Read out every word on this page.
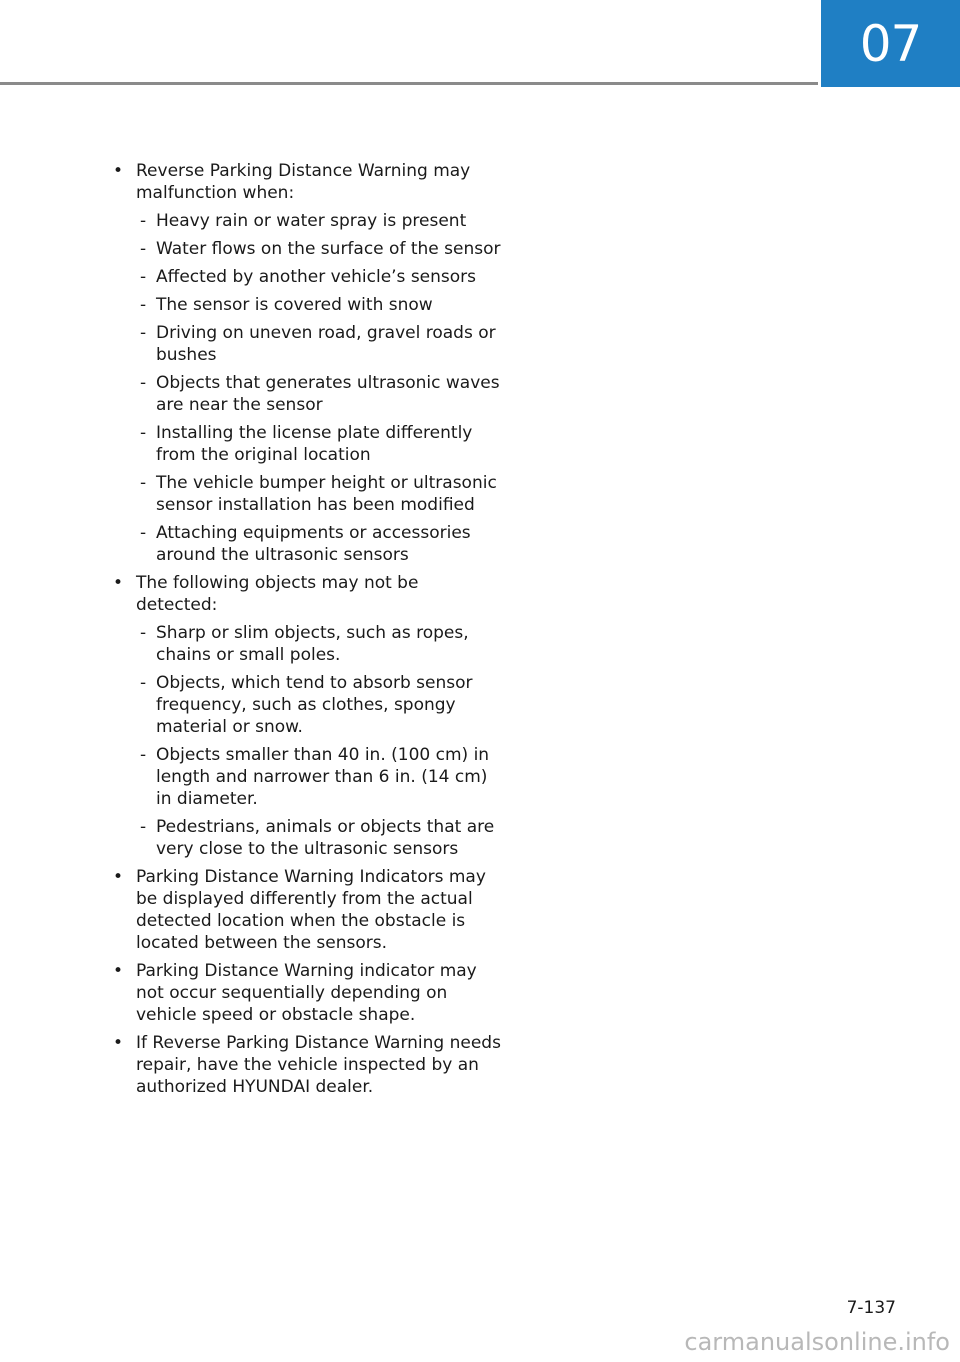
07
• Reverse Parking Distance Warning may malfunction when:
- Heavy rain or water spray is present
- Water flows on the surface of the sensor
- Affected by another vehicle’s sensors
- The sensor is covered with snow
- Driving on uneven road, gravel roads or bushes
- Objects that generates ultrasonic waves are near the sensor
- Installing the license plate differently from the original location
- The vehicle bumper height or ultrasonic sensor installation has been modified
- Attaching equipments or accessories around the ultrasonic sensors
• The following objects may not be detected:
- Sharp or slim objects, such as ropes, chains or small poles.
- Objects, which tend to absorb sensor frequency, such as clothes, spongy material or snow.
- Objects smaller than 40 in. (100 cm) in length and narrower than 6 in. (14 cm) in diameter.
- Pedestrians, animals or objects that are very close to the ultrasonic sensors
• Parking Distance Warning Indicators may be displayed differently from the actual detected location when the obstacle is located between the sensors.
• Parking Distance Warning indicator may not occur sequentially depending on vehicle speed or obstacle shape.
• If Reverse Parking Distance Warning needs repair, have the vehicle inspected by an authorized HYUNDAI dealer.
7-137
carmanualsonline.info
